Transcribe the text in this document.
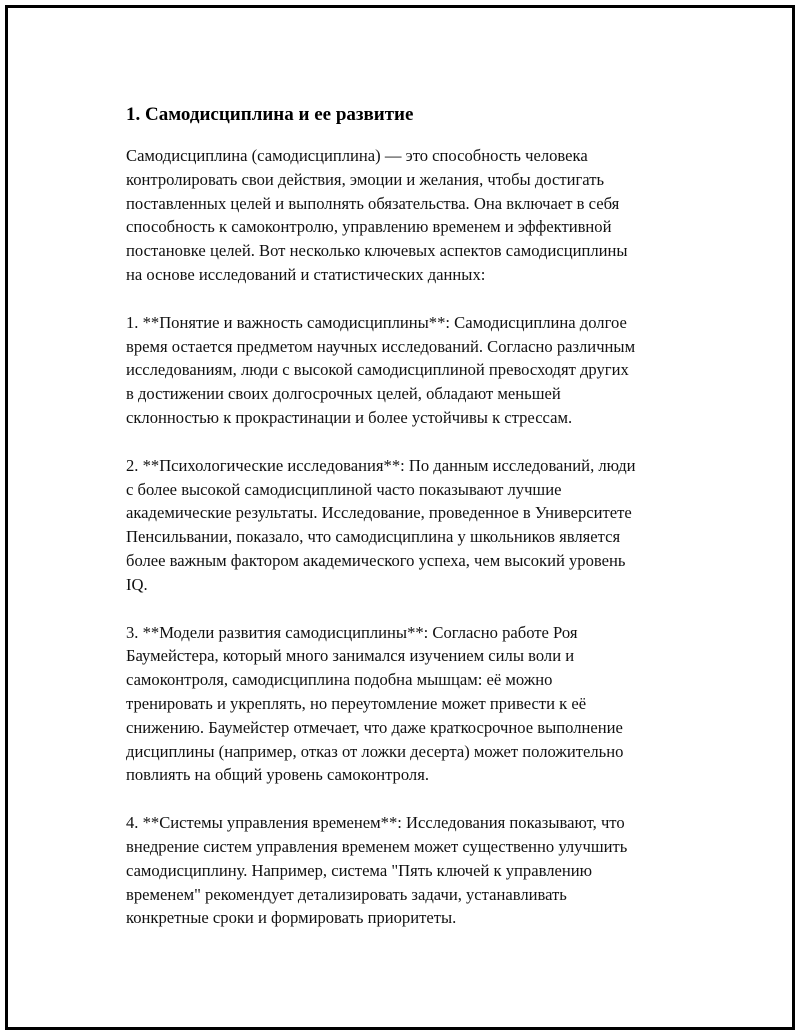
1. Самодисциплина и ее развитие
Самодисциплина (самодисциплина) — это способность человека
контролировать свои действия, эмоции и желания, чтобы достигать
поставленных целей и выполнять обязательства. Она включает в себя
способность к самоконтролю, управлению временем и эффективной
постановке целей. Вот несколько ключевых аспектов самодисциплины
на основе исследований и статистических данных:
1. **Понятие и важность самодисциплины**: Самодисциплина долгое
время остается предметом научных исследований. Согласно различным
исследованиям, люди с высокой самодисциплиной превосходят других
в достижении своих долгосрочных целей, обладают меньшей
склонностью к прокрастинации и более устойчивы к стрессам.
2. **Психологические исследования**: По данным исследований, люди
с более высокой самодисциплиной часто показывают лучшие
академические результаты. Исследование, проведенное в Университете
Пенсильвании, показало, что самодисциплина у школьников является
более важным фактором академического успеха, чем высокий уровень
IQ.
3. **Модели развития самодисциплины**: Согласно работе Роя
Баумейстера, который много занимался изучением силы воли и
самоконтроля, самодисциплина подобна мышцам: её можно
тренировать и укреплять, но переутомление может привести к её
снижению. Баумейстер отмечает, что даже краткосрочное выполнение
дисциплины (например, отказ от ложки десерта) может положительно
повлиять на общий уровень самоконтроля.
4. **Системы управления временем**: Исследования показывают, что
внедрение систем управления временем может существенно улучшить
самодисциплину. Например, система "Пять ключей к управлению
временем" рекомендует детализировать задачи, устанавливать
конкретные сроки и формировать приоритеты.
